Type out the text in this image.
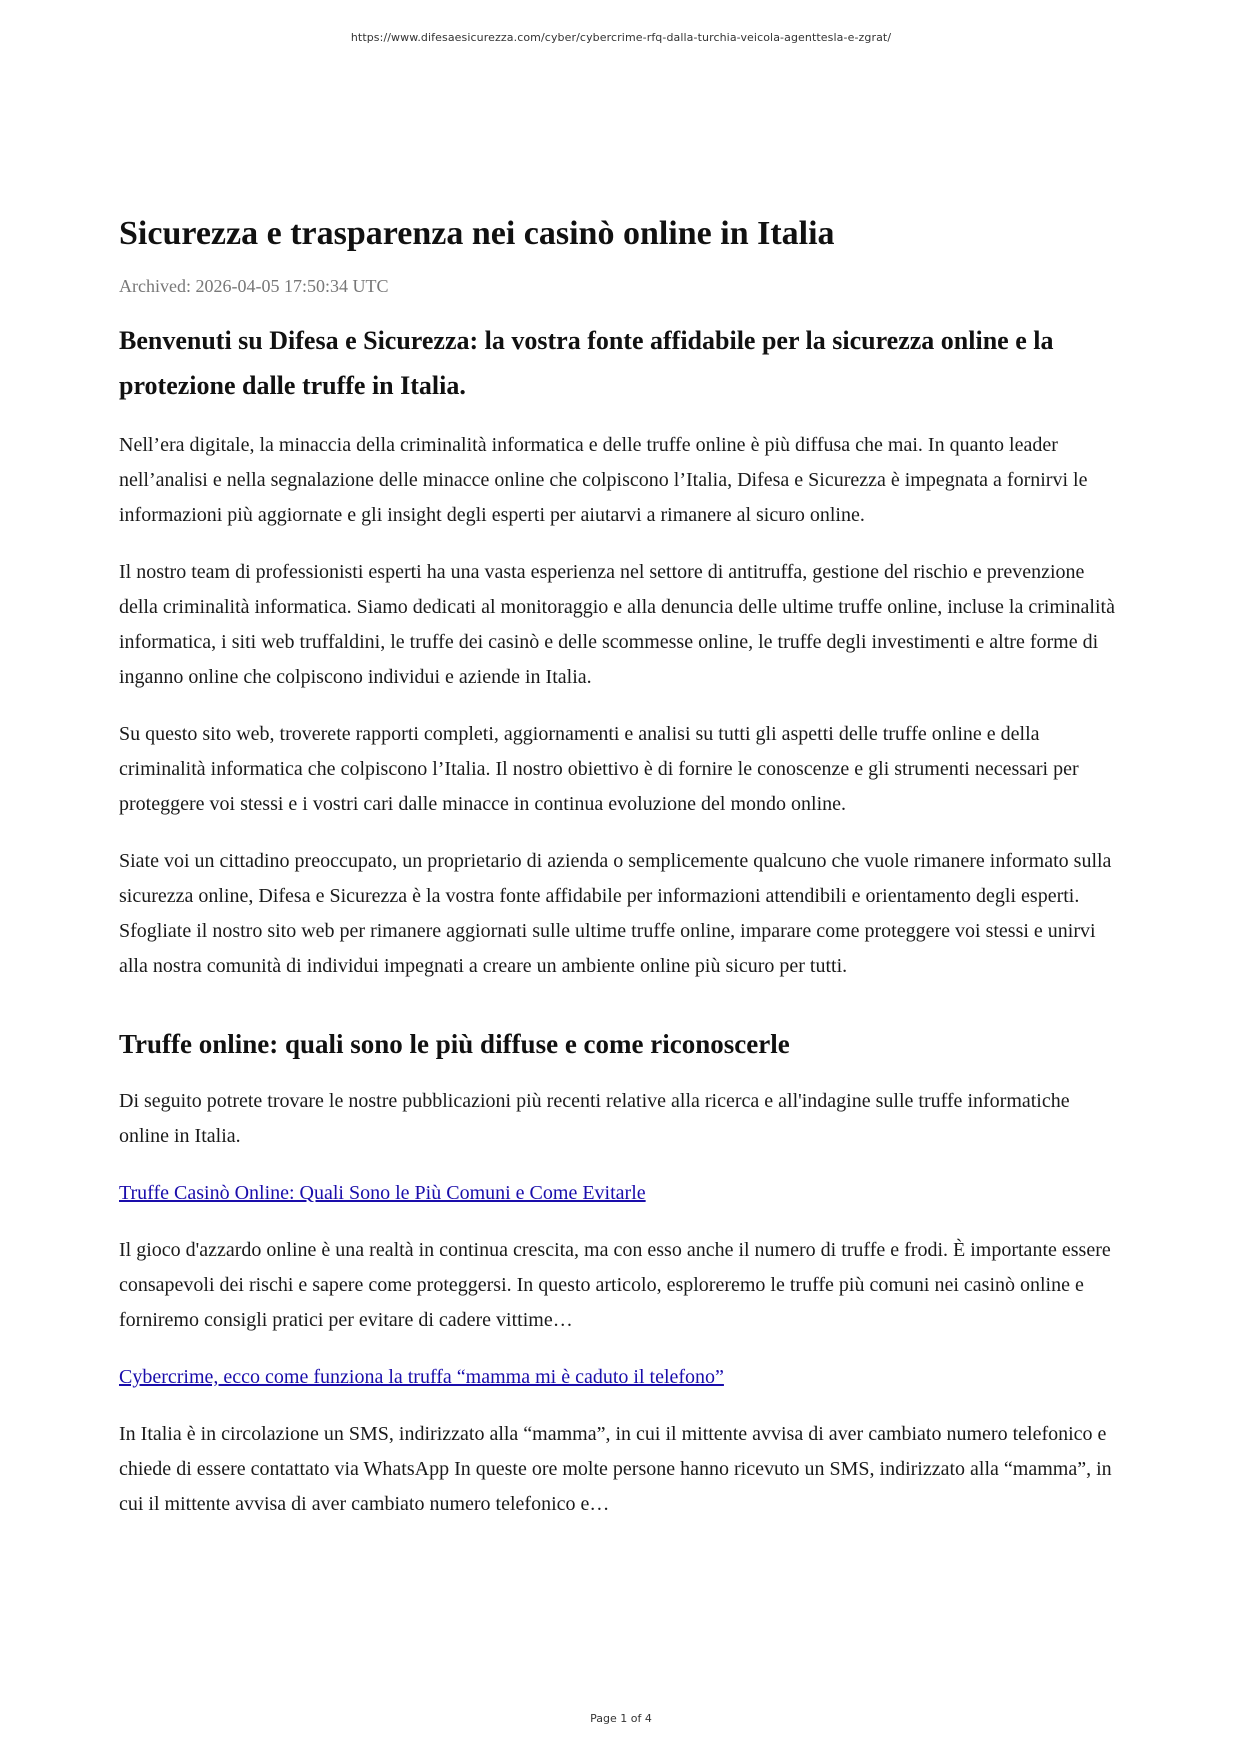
https://www.difesaesicurezza.com/cyber/cybercrime-rfq-dalla-turchia-veicola-agenttesla-e-zgrat/
Sicurezza e trasparenza nei casinò online in Italia
Archived: 2026-04-05 17:50:34 UTC
Benvenuti su Difesa e Sicurezza: la vostra fonte affidabile per la sicurezza online e la protezione dalle truffe in Italia.

Nell’era digitale, la minaccia della criminalità informatica e delle truffe online è più diffusa che mai. In quanto leader nell’analisi e nella segnalazione delle minacce online che colpiscono l’Italia, Difesa e Sicurezza è impegnata a fornirvi le informazioni più aggiornate e gli insight degli esperti per aiutarvi a rimanere al sicuro online.

Il nostro team di professionisti esperti ha una vasta esperienza nel settore di antitruffa, gestione del rischio e prevenzione della criminalità informatica. Siamo dedicati al monitoraggio e alla denuncia delle ultime truffe online, incluse la criminalità informatica, i siti web truffaldini, le truffe dei casinò e delle scommesse online, le truffe degli investimenti e altre forme di inganno online che colpiscono individui e aziende in Italia.

Su questo sito web, troverete rapporti completi, aggiornamenti e analisi su tutti gli aspetti delle truffe online e della criminalità informatica che colpiscono l’Italia. Il nostro obiettivo è di fornire le conoscenze e gli strumenti necessari per proteggere voi stessi e i vostri cari dalle minacce in continua evoluzione del mondo online.

Siate voi un cittadino preoccupato, un proprietario di azienda o semplicemente qualcuno che vuole rimanere informato sulla sicurezza online, Difesa e Sicurezza è la vostra fonte affidabile per informazioni attendibili e orientamento degli esperti. Sfogliate il nostro sito web per rimanere aggiornati sulle ultime truffe online, imparare come proteggere voi stessi e unirvi alla nostra comunità di individui impegnati a creare un ambiente online più sicuro per tutti.

Truffe online: quali sono le più diffuse e come riconoscerle

Di seguito potrete trovare le nostre pubblicazioni più recenti relative alla ricerca e all'indagine sulle truffe informatiche online in Italia.

Truffe Casinò Online: Quali Sono le Più Comuni e Come Evitarle

Il gioco d'azzardo online è una realtà in continua crescita, ma con esso anche il numero di truffe e frodi. È importante essere consapevoli dei rischi e sapere come proteggersi. In questo articolo, esploreremo le truffe più comuni nei casinò online e forniremo consigli pratici per evitare di cadere vittime…

Cybercrime, ecco come funziona la truffa “mamma mi è caduto il telefono”

In Italia è in circolazione un SMS, indirizzato alla “mamma”, in cui il mittente avvisa di aver cambiato numero telefonico e chiede di essere contattato via WhatsApp In queste ore molte persone hanno ricevuto un SMS, indirizzato alla “mamma”, in cui il mittente avvisa di aver cambiato numero telefonico e…

Page 1 of 4
